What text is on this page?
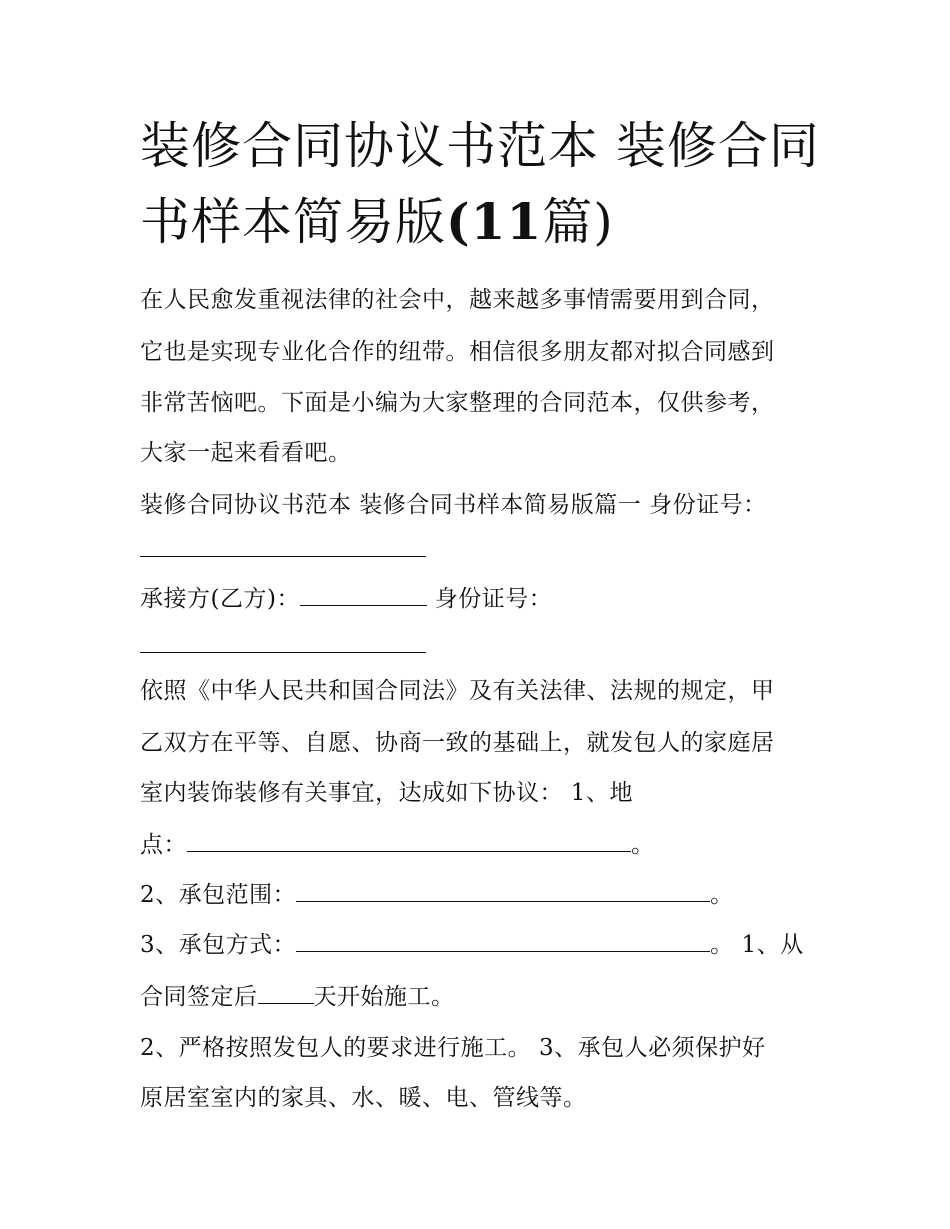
装修合同协议书范本 装修合同
书样本简易版(11篇)

在人民愈发重视法律的社会中，越来越多事情需要用到合同，

它也是实现专业化合作的纽带。相信很多朋友都对拟合同感到

非常苦恼吧。下面是小编为大家整理的合同范本，仅供参考，

大家一起来看看吧。

装修合同协议书范本 装修合同书样本简易版篇一 身份证号：

承接方(乙方)：	身份证号：

依照《中华人民共和国合同法》及有关法律、法规的规定，甲

乙双方在平等、自愿、协商一致的基础上，就发包人的家庭居

室内装饰装修有关事宜，达成如下协议： 1、地

点：	。

2、承包范围：	。

3、承包方式：	。 1、从

合同签定后 天开始施工。

2、严格按照发包人的要求进行施工。 3、承包人必须保护好

原居室室内的家具、水、暖、电、管线等。
